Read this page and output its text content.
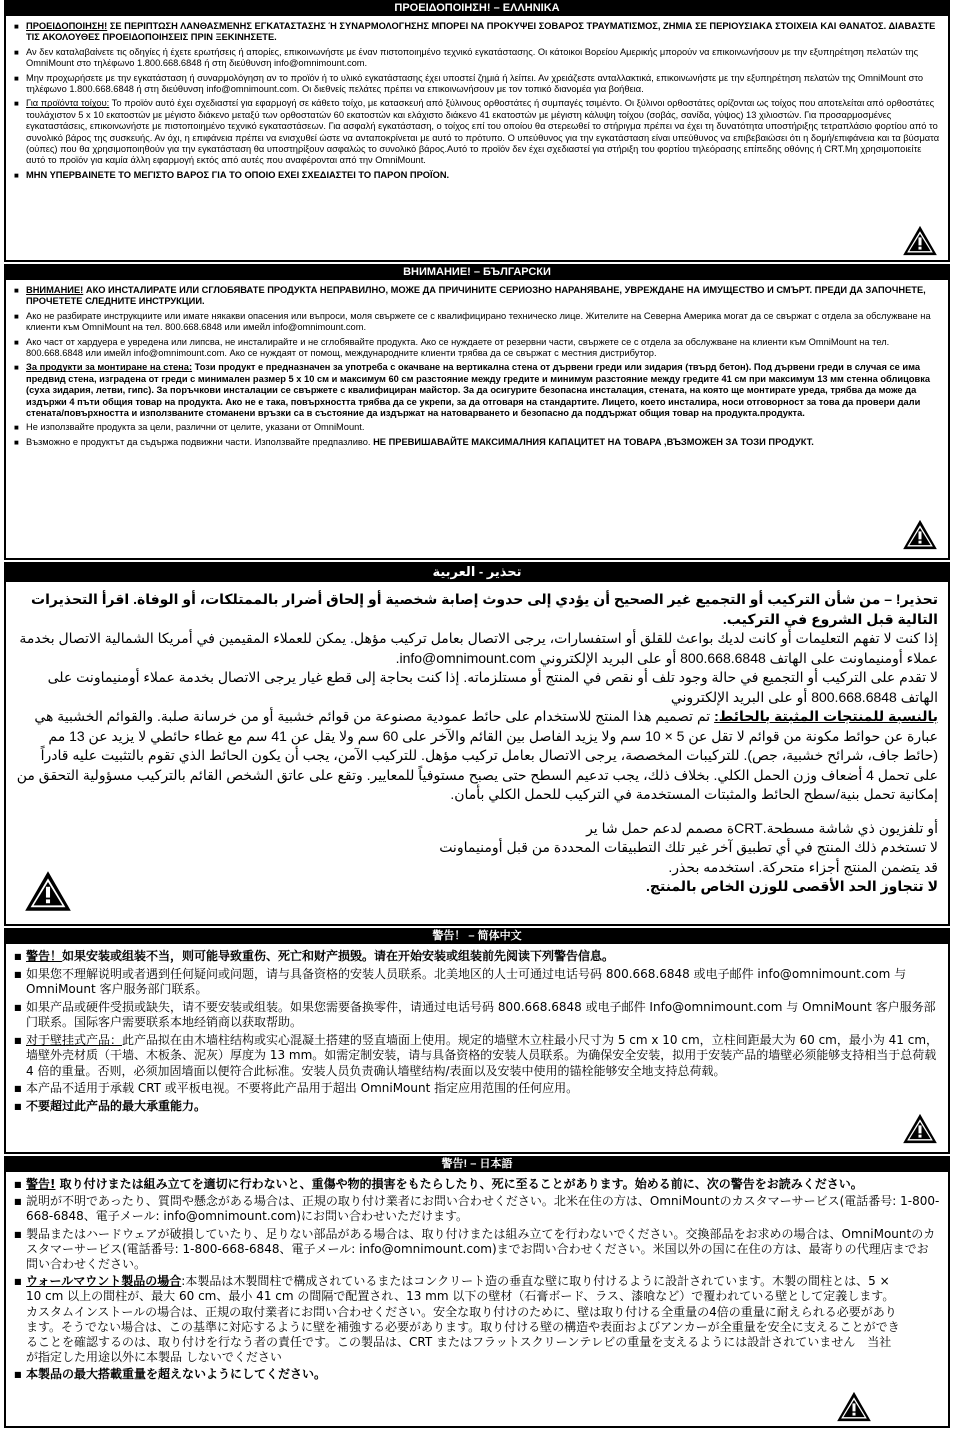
ΠΡΟΕΙΔΟΠΟΙΗΣΗ! – ΕΛΛΗΝΙΚΑ
■ ΠΡΟΕΙΔΟΠΟΙΗΣΗ! ΣΕ ΠΕΡΙΠΤΩΣΗ ΛΑΝΘΑΣΜΕΝΗΣ ΕΓΚΑΤΑΣΤΑΣΗΣ Ή ΣΥΝΑΡΜΟΛΟΓΗΣΗΣ ΜΠΟΡΕΙ ΝΑ ΠΡΟΚΥΨΕΙ ΣΟΒΑΡΟΣ ΤΡΑΥΜΑΤΙΣΜΟΣ, ΖΗΜΙΑ ΣΕ ΠΕΡΙΟΥΣΙΑΚΑ ΣΤΟΙΧΕΙΑ ΚΑΙ ΘΑΝΑΤΟΣ. ΔΙΑΒΑΣΤΕ ΤΙΣ ΑΚΟΛΟΥΘΕΣ ΠΡΟΕΙΔΟΠΟΙΗΣΕΙΣ ΠΡΙΝ ΞΕΚΙΝΗΣΕΤΕ.
■ Αν δεν καταλαβαίνετε τις οδηγίες ή έχετε ερωτήσεις ή απορίες, επικοινωνήστε με έναν πιστοποιημένο τεχνικό εγκατάστασης. Οι κάτοικοι Βορείου Αμερικής μπορούν να επικοινωνήσουν με την εξυπηρέτηση πελατών της OmniMount στο τηλέφωνο 1.800.668.6848 ή στη διεύθυνση info@omnimount.com.
■ Μην προχωρήσετε με την εγκατάσταση ή συναρμολόγηση αν το προϊόν ή το υλικό εγκατάστασης έχει υποστεί ζημιά ή λείπει. Αν χρειάζεστε ανταλλακτικά, επικοινωνήστε με την εξυπηρέτηση πελατών της OmniMount στο τηλέφωνο 1.800.668.6848 ή στη διεύθυνση info@omnimount.com. Οι διεθνείς πελάτες πρέπει να επικοινωνήσουν με τον τοπικό διανομέα για βοήθεια.
■ Για προϊόντα τοίχου: Το προϊόν αυτό έχει σχεδιαστεί για εφαρμογή σε κάθετο τοίχο, με κατασκευή από ξύλινους ορθοστάτες ή συμπαγές τσιμέντο. Οι ξύλινοι ορθοστάτες ορίζονται ως τοίχος που αποτελείται από ορθοστάτες τουλάχιστον 5 x 10 εκατοστών με μέγιστο διάκενο μεταξύ των ορθοστατών 60 εκατοστών και ελάχιστο διάκενο 41 εκατοστών με μέγιστη κάλυψη τοίχου (σοβάς, σανίδα, γύψος) 13 χιλιοστών. Για προσαρμοσμένες εγκαταστάσεις, επικοινωνήστε με πιστοποιημένο τεχνικό εγκαταστάσεων. Για ασφαλή εγκατάσταση, ο τοίχος επί του οποίου θα στερεωθεί το στήριγμα πρέπει να έχει τη δυνατότητα υποστήριξης τετραπλάσιο φορτίου από το συνολικό βάρος της συσκευής. Αν όχι, η επιφάνεια πρέπει να ενισχυθεί ώστε να ανταποκρίνεται με αυτό το πρότυπο. Ο υπεύθυνος για την εγκατάσταση είναι υπεύθυνος να επιβεβαιώσει ότι η δομή/επιφάνεια και τα βύσματα (ούπες) που θα χρησιμοποιηθούν για την εγκατάσταση θα υποστηρίξουν ασφαλώς το συνολικό βάρος.Αυτό το προϊόν δεν έχει σχεδιαστεί για στήριξη του φορτίου τηλεόρασης επίπεδης οθόνης ή CRT.Μη χρησιμοποιείτε αυτό το προϊόν για καμία άλλη εφαρμογή εκτός από αυτές που αναφέρονται από την OmniMount.
■ ΜΗΝ ΥΠΕΡΒΑΙΝΕΤΕ ΤΟ ΜΕΓΙΣΤΟ ΒΑΡΟΣ ΓΙΑ ΤΟ ΟΠΟΙΟ ΕΧΕΙ ΣΧΕΔΙΑΣΤΕΙ ΤΟ ΠΑΡΟΝ ΠΡΟΪΟΝ.
ВНИМАНИЕ! – БЪЛГАРСКИ
■ ВНИМАНИЕ! АКО ИНСТАЛИРАТЕ ИЛИ СГЛОБЯВАТЕ ПРОДУКТА НЕПРАВИЛНО, МОЖЕ ДА ПРИЧИНИТЕ СЕРИОЗНО НАРАНЯВАНЕ, УВРЕЖДАНЕ НА ИМУЩЕСТВО И СМЪРТ. ПРЕДИ ДА ЗАПОЧНЕТЕ, ПРОЧЕТЕТЕ СЛЕДНИТЕ ИНСТРУКЦИИ.
■ Ако не разбирате инструкциите или имате някакви опасения или въпроси, моля свържете се с квалифицирано техническо лице. Жителите на Северна Америка могат да се свържат с отдела за обслужване на клиенти към OmniMount на тел. 800.668.6848 или имейл info@omnimount.com.
■ Ако част от хардуера е увредена или липсва, не инсталирайте и не сглобявайте продукта. Ако се нуждаете от резервни части, свържете се с отдела за обслужване на клиенти към OmniMount на тел. 800.668.6848 или имейл info@omnimount.com. Ако се нуждаят от помощ, международните клиенти трябва да се свържат с местния дистрибутор.
■ За продукти за монтиране на стена: Този продукт е предназначен за употреба с окачване на вертикална стена от дървени греди или зидария (твърд бетон). Под дървени греди в случая се има предвид стена, изградена от греди с минимален размер 5 х 10 см и максимум 60 см разстояние между гредите и минимум разстояние между гредите 41 см при максимум 13 мм стенна облицовка (суха зидария, летви, гипс). За поръчкови инсталации се свържете с квалифициран майстор. За да осигурите безопасна инсталация, стената, на която ще монтирате уреда, трябва да може да издържи 4 пъти общия товар на продукта. Ако не е така, повърхността трябва да се укрепи, за да отговаря на стандартите. Лицето, което инсталира, носи отговорност за това да провери дали стената/повърхността и използваните стоманени връзки са в състояние да издържат на натоварването и безопасно да поддържат общия товар на продукта.продукта.
■ Не използвайте продукта за цели, различни от целите, указани от OmniMount.
■ Възможно е продуктът да съдържа подвижни части. Използвайте предпазливо. НЕ ПРЕВИШАВАЙТЕ МАКСИМАЛНИЯ КАПАЦИТЕТ НА ТОВАРА ,ВЪЗМОЖЕН ЗА ТОЗИ ПРОДУКТ.
تحذير - العربية

تحذير! – من شأن التركيب أو التجميع غير الصحيح أن يؤدي إلى حدوث إصابة شخصية أو إلحاق أضرار بالممتلكات، أو الوفاة. اقرأ التحذيرات التالية قبل الشروع في التركيب.

إذا كنت لا تفهم التعليمات أو كانت لديك بواعث للقلق أو استفسارات، يرجى الاتصال بعامل تركيب مؤهل. يمكن للعملاء المقيمين في أمريكا الشمالية الاتصال بخدمة عملاء أومنيماونت على الهاتف 800.668.6848 أو على البريد الإلكتروني info@omnimount.com.

لا تقدم على التركيب أو التجميع في حالة وجود تلف أو نقص في المنتج أو مستلزماته. إذا كنت بحاجة إلى قطع غيار يرجى الاتصال بخدمة عملاء أومنيماونت على الهاتف 800.668.6848 أو على البريد الإلكتروني

بالنسبة للمنتجات المثبتة بالحائط: تم تصميم هذا المنتج للاستخدام على حائط عمودية مصنوعة من قوائم خشبية أو من خرسانة صلبة. والقوائم الخشبية هي عبارة عن حوائط مكونة من قوائم لا تقل عن 5 × 10 سم ولا يزيد الفاصل بين القائم والآخر على 60 سم ولا يقل عن 41 سم مع غطاء حائطي لا يزيد عن 13 مم (حائط جاف، شرائح خشبية، جص). للتركيبات المخصصة، يرجى الاتصال بعامل تركيب مؤهل. للتركيب الآمن، يجب أن يكون الحائط الذي تقوم بالتثبيت عليه قادراً على تحمل 4 أضعاف وزن الحمل الكلي. بخلاف ذلك، يجب تدعيم السطح حتى يصبح مستوفياً للمعايير. وتقع على عاتق الشخص القائم بالتركيب مسؤولية التحقق من إمكانية تحمل بنية/سطح الحائط والمثبتات المستخدمة في التركيب للحمل الكلي بأمان.

أو تلفزيون ذي شاشة مسطحة.CRTة مصمم لدعم حمل شا ير

لا تستخدم ذلك المنتج في أي تطبيق آخر غير تلك التطبيقات المحددة من قبل أومنيماونت

قد يتضمن المنتج أجزاء متحركة. استخدمه بحذر.

لا تتجاوز الحد الأقصى للوزن الخاص بالمنتج.

警告！ – 简体中文
■ 警告！如果安装或组装不当，则可能导致重伤、死亡和财产损毁。请在开始安装或组装前先阅读下列警告信息。
■ 如果您不理解说明或者遇到任何疑问或问题，请与具备资格的安装人员联系。北美地区的人士可通过电话号码 800.668.6848 或电子邮件 info@omnimount.com 与 OmniMount 客户服务部门联系。
■ 如果产品或硬件受损或缺失，请不要安装或组装。如果您需要备换零件，请通过电话号码 800.668.6848 或电子邮件 Info@omnimount.com 与 OmniMount 客户服务部门联系。国际客户需要联系本地经销商以获取帮助。
■ 对于壁挂式产品：此产品拟在由木墙柱结构或实心混凝土搭建的竖直墙面上使用。规定的墙壁木立柱最小尺寸为 5 cm x 10 cm，立柱间距最大为 60 cm，最小为 41 cm，墙壁外壳材质（干墙、木板条、泥灰）厚度为 13 mm。如需定制安装，请与具备资格的安装人员联系。为确保安全安装，拟用于安装产品的墙壁必须能够支持相当于总荷载 4 倍的重量。否则，必须加固墙面以便符合此标准。安装人员负责确认墙壁结构/表面以及安装中使用的锚栓能够安全地支持总荷载。
■ 本产品不适用于承载 CRT 或平板电视。不要将此产品用于超出 OmniMount 指定应用范围的任何应用。
■ 不要超过此产品的最大承重能力。
警告! – 日本語
■ 警告! 取り付けまたは組み立てを適切に行わないと、重傷や物的損害をもたらしたり、死に至ることがあります。始める前に、次の警告をお読みください。
■ 説明が不明であったり、質問や懸念がある場合は、正規の取り付け業者にお問い合わせください。北米在住の方は、OmniMountのカスタマーサービス(電話番号: 1-800-668-6848、電子メール: info@omnimount.com)にお問い合わせいただけます。
■ 製品またはハードウェアが破損していたり、足りない部品がある場合は、取り付けまたは組み立てを行わないでください。交換部品をお求めの場合は、OmniMountのカスタマーサービス(電話番号: 1-800-668-6848、電子メール: info@omnimount.com)までお問い合わせください。米国以外の国に在住の方は、最寄りの代理店までお問い合わせください。
■ ウォールマウント製品の場合:本製品は木製間柱で構成されているまたはコンクリート造の垂直な壁に取り付けるように設計されています。木製の間柱とは、5 × 10 cm 以上の間柱が、最大 60 cm、最小 41 cm の間隔で配置され、13 mm 以下の壁材（石膏ボード、ラス、漆喰など）で覆われている壁として定義します。カスタムインストールの場合は、正規の取付業者にお問い合わせください。安全な取り付けのために、壁は取り付ける全重量の4倍の重量に耐えられる必要があります。そうでない場合は、この基準に対応するように壁を補強する必要があります。取り付ける壁の構造や表面およびアンカーが全重量を安全に支えることができることを確認するのは、取り付けを行なう者の責任です。この製品は、CRT またはフラットスクリーンテレビの重量を支えるようには設計されていません　当社が指定した用途以外に本製品 しないでください
■ 本製品の最大搭載重量を超えないようにしてください。
